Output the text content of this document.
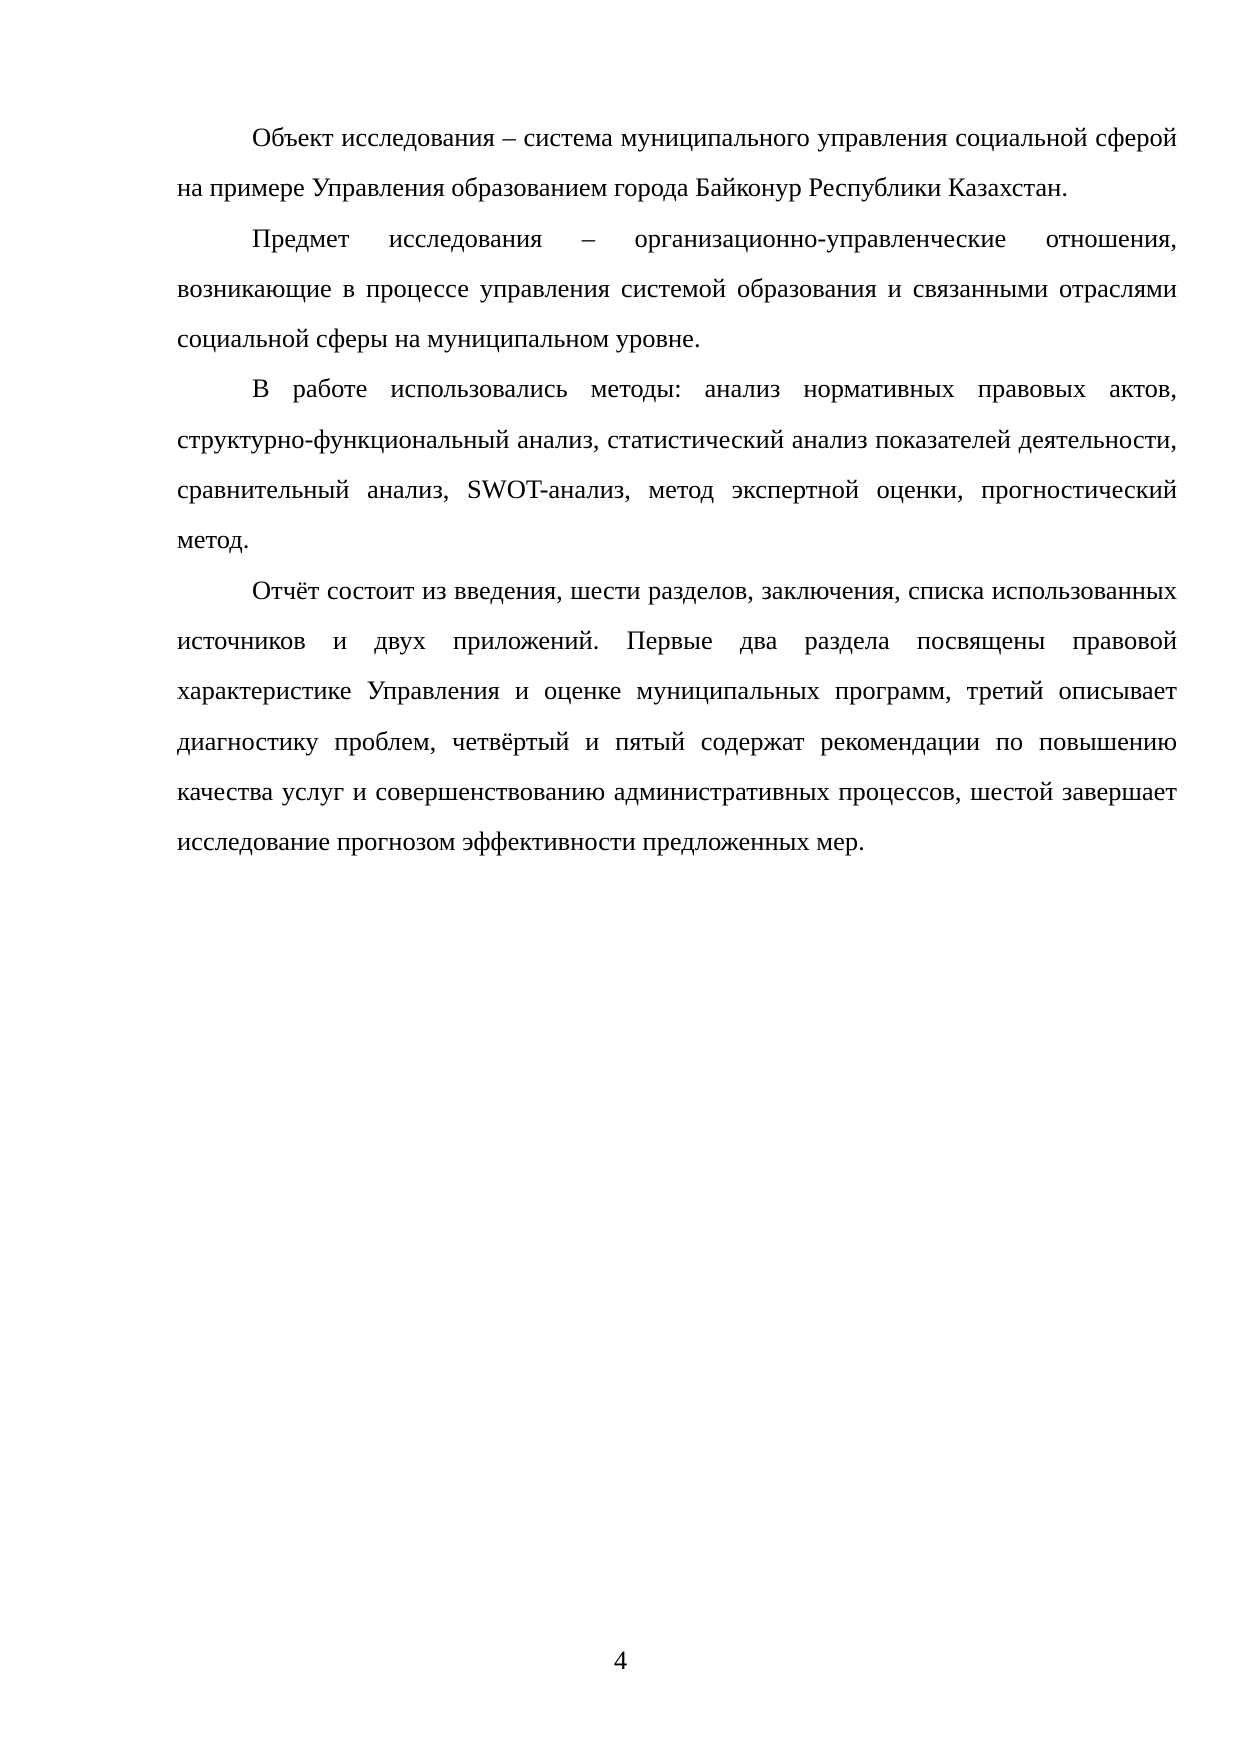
Объект исследования – система муниципального управления социальной сферой на примере Управления образованием города Байконур Республики Казахстан.

Предмет исследования – организационно-управленческие отношения, возникающие в процессе управления системой образования и связанными отраслями социальной сферы на муниципальном уровне.

В работе использовались методы: анализ нормативных правовых актов, структурно-функциональный анализ, статистический анализ показателей деятельности, сравнительный анализ, SWOT-анализ, метод экспертной оценки, прогностический метод.

Отчёт состоит из введения, шести разделов, заключения, списка использованных источников и двух приложений. Первые два раздела посвящены правовой характеристике Управления и оценке муниципальных программ, третий описывает диагностику проблем, четвёртый и пятый содержат рекомендации по повышению качества услуг и совершенствованию административных процессов, шестой завершает исследование прогнозом эффективности предложенных мер.

4
